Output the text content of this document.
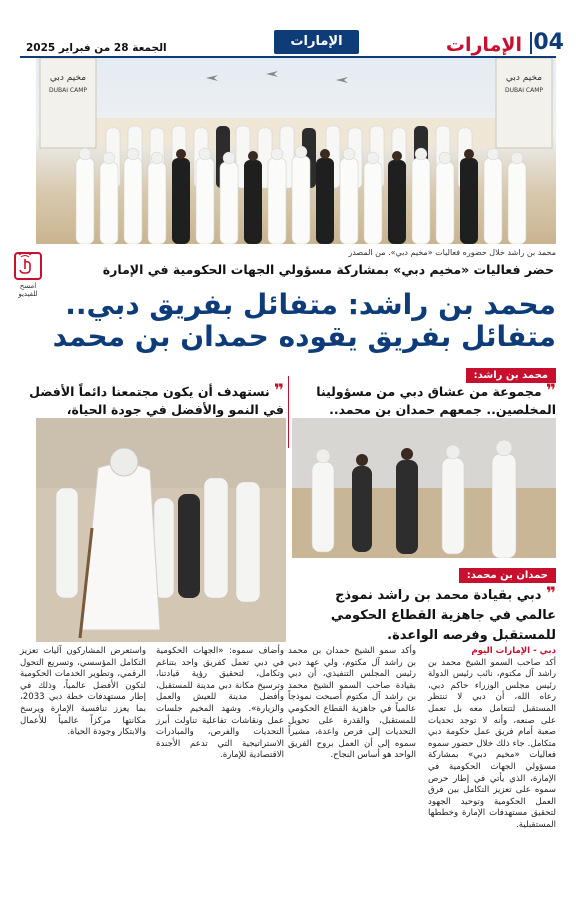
04
الإمارات
الإمارات
الجمعة 28 من فبراير 2025
مخيم دبي
DUBAI CAMP
مخيم دبي
DUBAI CAMP
محمد بن راشد خلال حضوره فعاليات «مخيم دبي». من المصدر
امسح للفيديو
حضر فعاليات «مخيم دبي» بمشاركة مسؤولي الجهات الحكومية في الإمارة
محمد بن راشد: متفائل بفريق دبي..
متفائل بفريق يقوده حمدان بن محمد
محمد بن راشد:
❞ مجموعة من عشاق دبي من مسؤولينا المخلصين.. جمعهم حمدان بن محمد..
❞ نستهدف أن يكون مجتمعنا دائماً الأفضل في النمو والأفضل في جودة الحياة،
حمدان بن محمد:
❞ دبي بقيادة محمد بن راشد نموذج عالمي في جاهزية القطاع الحكومي للمستقبل وفرصه الواعدة.
دبي - الإمارات اليوم
أكد صاحب السمو الشيخ محمد بن راشد آل مكتوم، نائب رئيس الدولة رئيس مجلس الوزراء حاكم دبي، رعاه الله، أن دبي لا تنتظر المستقبل لتتعامل معه بل تعمل على صنعه، وأنه لا توجد تحديات صعبة أمام فريق عمل حكومة دبي متكامل. جاء ذلك خلال حضور سموه فعاليات «مخيم دبي» بمشاركة مسؤولي الجهات الحكومية في الإمارة، الذي يأتي في إطار حرص سموه على تعزيز التكامل بين فرق العمل الحكومية وتوحيد الجهود لتحقيق مستهدفات الإمارة وخططها المستقبلية.
وأكد سمو الشيخ حمدان بن محمد بن راشد آل مكتوم، ولي عهد دبي رئيس المجلس التنفيذي، أن دبي بقيادة صاحب السمو الشيخ محمد بن راشد آل مكتوم أصبحت نموذجاً عالمياً في جاهزية القطاع الحكومي للمستقبل، والقدرة على تحويل التحديات إلى فرص واعدة، مشيراً سموه إلى أن العمل بروح الفريق الواحد هو أساس النجاح.
وأضاف سموه: «الجهات الحكومية في دبي تعمل كفريق واحد بتناغم وتكامل، لتحقيق رؤية قيادتنا، وترسيخ مكانة دبي مدينة للمستقبل، وأفضل مدينة للعيش والعمل والزيارة». وشهد المخيم جلسات عمل ونقاشات تفاعلية تناولت أبرز التحديات والفرص، والمبادرات الاستراتيجية التي تدعم الأجندة الاقتصادية للإمارة.
واستعرض المشاركون آليات تعزيز التكامل المؤسسي، وتسريع التحول الرقمي، وتطوير الخدمات الحكومية لتكون الأفضل عالمياً، وذلك في إطار مستهدفات خطة دبي 2033، بما يعزز تنافسية الإمارة ويرسخ مكانتها مركزاً عالمياً للأعمال والابتكار وجودة الحياة.
